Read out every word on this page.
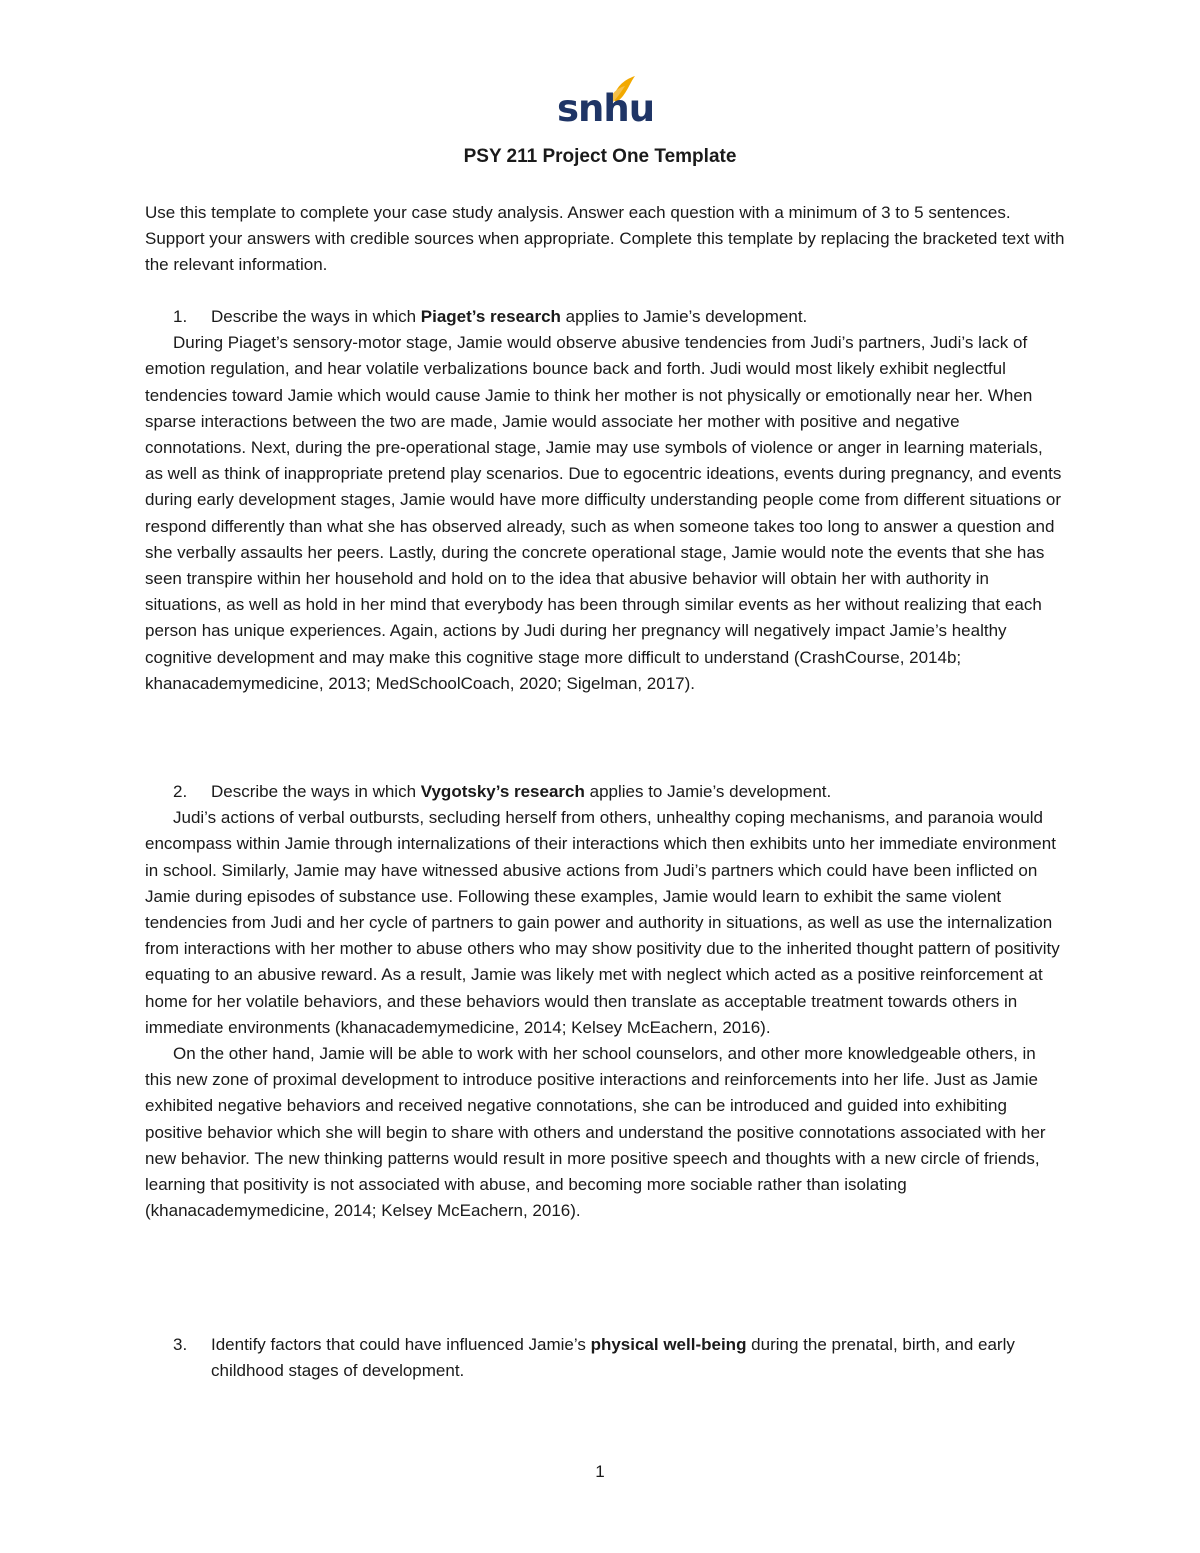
snhu
PSY 211 Project One Template

Use this template to complete your case study analysis. Answer each question with a minimum of 3 to 5 sentences. Support your answers with credible sources when appropriate. Complete this template by replacing the bracketed text with the relevant information.

1.	Describe the ways in which Piaget’s research applies to Jamie’s development.

During Piaget’s sensory-motor stage, Jamie would observe abusive tendencies from Judi’s partners, Judi’s lack of emotion regulation, and hear volatile verbalizations bounce back and forth. Judi would most likely exhibit neglectful tendencies toward Jamie which would cause Jamie to think her mother is not physically or emotionally near her. When sparse interactions between the two are made, Jamie would associate her mother with positive and negative connotations. Next, during the pre-operational stage, Jamie may use symbols of violence or anger in learning materials, as well as think of inappropriate pretend play scenarios. Due to egocentric ideations, events during pregnancy, and events during early development stages, Jamie would have more difficulty understanding people come from different situations or respond differently than what she has observed already, such as when someone takes too long to answer a question and she verbally assaults her peers. Lastly, during the concrete operational stage, Jamie would note the events that she has seen transpire within her household and hold on to the idea that abusive behavior will obtain her with authority in situations, as well as hold in her mind that everybody has been through similar events as her without realizing that each person has unique experiences. Again, actions by Judi during her pregnancy will negatively impact Jamie’s healthy cognitive development and may make this cognitive stage more difficult to understand (CrashCourse, 2014b; khanacademymedicine, 2013; MedSchoolCoach, 2020; Sigelman, 2017).

2.	Describe the ways in which Vygotsky’s research applies to Jamie’s development.

Judi’s actions of verbal outbursts, secluding herself from others, unhealthy coping mechanisms, and paranoia would encompass within Jamie through internalizations of their interactions which then exhibits unto her immediate environment in school. Similarly, Jamie may have witnessed abusive actions from Judi’s partners which could have been inflicted on Jamie during episodes of substance use. Following these examples, Jamie would learn to exhibit the same violent tendencies from Judi and her cycle of partners to gain power and authority in situations, as well as use the internalization from interactions with her mother to abuse others who may show positivity due to the inherited thought pattern of positivity equating to an abusive reward. As a result, Jamie was likely met with neglect which acted as a positive reinforcement at home for her volatile behaviors, and these behaviors would then translate as acceptable treatment towards others in immediate environments (khanacademymedicine, 2014; Kelsey McEachern, 2016).

On the other hand, Jamie will be able to work with her school counselors, and other more knowledgeable others, in this new zone of proximal development to introduce positive interactions and reinforcements into her life. Just as Jamie exhibited negative behaviors and received negative connotations, she can be introduced and guided into exhibiting positive behavior which she will begin to share with others and understand the positive connotations associated with her new behavior. The new thinking patterns would result in more positive speech and thoughts with a new circle of friends, learning that positivity is not associated with abuse, and becoming more sociable rather than isolating (khanacademymedicine, 2014; Kelsey McEachern, 2016).

3.	Identify factors that could have influenced Jamie’s physical well-being during the prenatal, birth, and early childhood stages of development.
1
